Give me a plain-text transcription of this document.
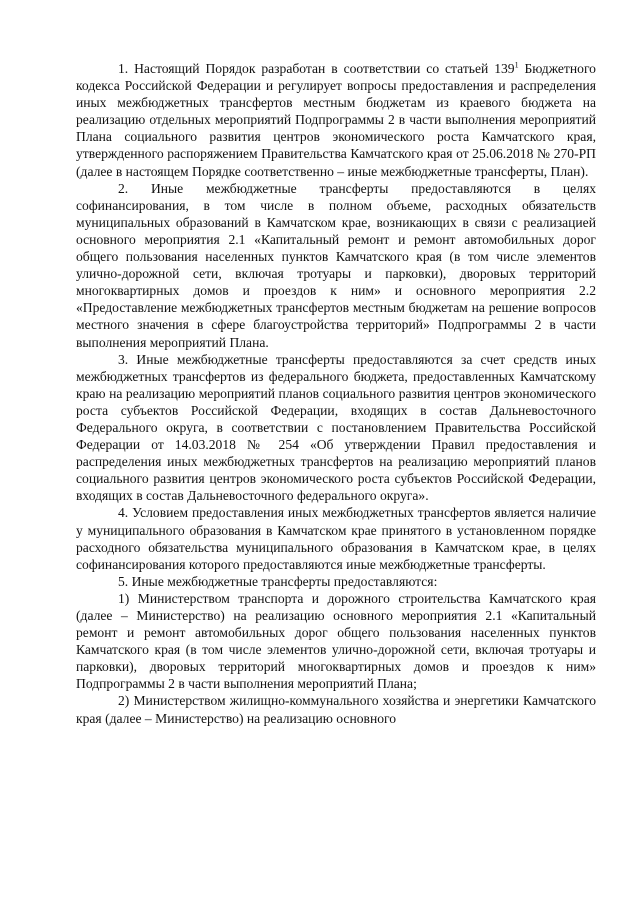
1. Настоящий Порядок разработан в соответствии со статьей $139^1$ Бюджетного кодекса Российской Федерации и регулирует вопросы предоставления и распределения иных межбюджетных трансфертов местным бюджетам из краевого бюджета на реализацию отдельных мероприятий Подпрограммы 2 в части выполнения мероприятий Плана социального развития центров экономического роста Камчатского края, утвержденного распоряжением Правительства Камчатского края от 25.06.2018 № 270-РП (далее в настоящем Порядке соответственно – иные межбюджетные трансферты, План).

2. Иные межбюджетные трансферты предоставляются в целях софинансирования, в том числе в полном объеме, расходных обязательств муниципальных образований в Камчатском крае, возникающих в связи с реализацией основного мероприятия 2.1 «Капитальный ремонт и ремонт автомобильных дорог общего пользования населенных пунктов Камчатского края (в том числе элементов улично-дорожной сети, включая тротуары и парковки), дворовых территорий многоквартирных домов и проездов к ним» и основного мероприятия 2.2 «Предоставление межбюджетных трансфертов местным бюджетам на решение вопросов местного значения в сфере благоустройства территорий» Подпрограммы 2 в части выполнения мероприятий Плана.

3. Иные межбюджетные трансферты предоставляются за счет средств иных межбюджетных трансфертов из федерального бюджета, предоставленных Камчатскому краю на реализацию мероприятий планов социального развития центров экономического роста субъектов Российской Федерации, входящих в состав Дальневосточного Федерального округа, в соответствии с постановлением Правительства Российской Федерации от 14.03.2018 № 254 «Об утверждении Правил предоставления и распределения иных межбюджетных трансфертов на реализацию мероприятий планов социального развития центров экономического роста субъектов Российской Федерации, входящих в состав Дальневосточного федерального округа».

4. Условием предоставления иных межбюджетных трансфертов является наличие у муниципального образования в Камчатском крае принятого в установленном порядке расходного обязательства муниципального образования в Камчатском крае, в целях софинансирования которого предоставляются иные межбюджетные трансферты.

5. Иные межбюджетные трансферты предоставляются:

1) Министерством транспорта и дорожного строительства Камчатского края (далее – Министерство) на реализацию основного мероприятия 2.1 «Капитальный ремонт и ремонт автомобильных дорог общего пользования населенных пунктов Камчатского края (в том числе элементов улично-дорожной сети, включая тротуары и парковки), дворовых территорий многоквартирных домов и проездов к ним» Подпрограммы 2 в части выполнения мероприятий Плана;

2) Министерством жилищно-коммунального хозяйства и энергетики Камчатского края (далее – Министерство) на реализацию основного
